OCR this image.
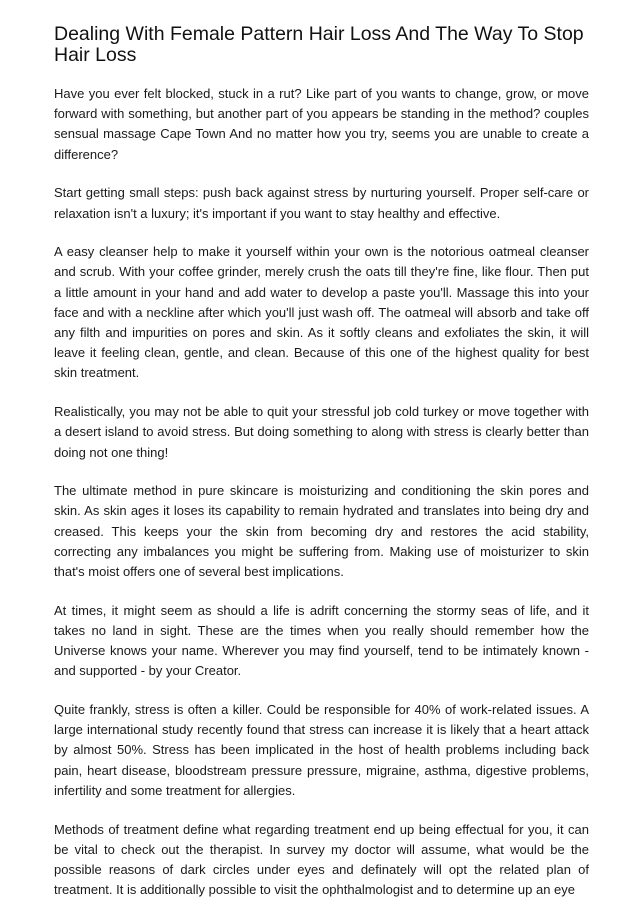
Dealing With Female Pattern Hair Loss And The Way To Stop Hair Loss

Have you ever felt blocked, stuck in a rut? Like part of you wants to change, grow, or move forward with something, but another part of you appears be standing in the method? couples sensual massage Cape Town And no matter how you try, seems you are unable to create a difference?

Start getting small steps: push back against stress by nurturing yourself. Proper self-care or relaxation isn't a luxury; it's important if you want to stay healthy and effective.

A easy cleanser help to make it yourself within your own is the notorious oatmeal cleanser and scrub. With your coffee grinder, merely crush the oats till they're fine, like flour. Then put a little amount in your hand and add water to develop a paste you'll. Massage this into your face and with a neckline after which you'll just wash off. The oatmeal will absorb and take off any filth and impurities on pores and skin. As it softly cleans and exfoliates the skin, it will leave it feeling clean, gentle, and clean. Because of this one of the highest quality for best skin treatment.

Realistically, you may not be able to quit your stressful job cold turkey or move together with a desert island to avoid stress. But doing something to along with stress is clearly better than doing not one thing!

The ultimate method in pure skincare is moisturizing and conditioning the skin pores and skin. As skin ages it loses its capability to remain hydrated and translates into being dry and creased. This keeps your the skin from becoming dry and restores the acid stability, correcting any imbalances you might be suffering from. Making use of moisturizer to skin that's moist offers one of several best implications.

At times, it might seem as should a life is adrift concerning the stormy seas of life, and it takes no land in sight. These are the times when you really should remember how the Universe knows your name. Wherever you may find yourself, tend to be intimately known - and supported - by your Creator.

Quite frankly, stress is often a killer. Could be responsible for 40% of work-related issues. A large international study recently found that stress can increase it is likely that a heart attack by almost 50%. Stress has been implicated in the host of health problems including back pain, heart disease, bloodstream pressure pressure, migraine, asthma, digestive problems, infertility and some treatment for allergies.

Methods of treatment define what regarding treatment end up being effectual for you, it can be vital to check out the therapist. In survey my doctor will assume, what would be the possible reasons of dark circles under eyes and definately will opt the related plan of treatment. It is additionally possible to visit the ophthalmologist and to determine up an eye
